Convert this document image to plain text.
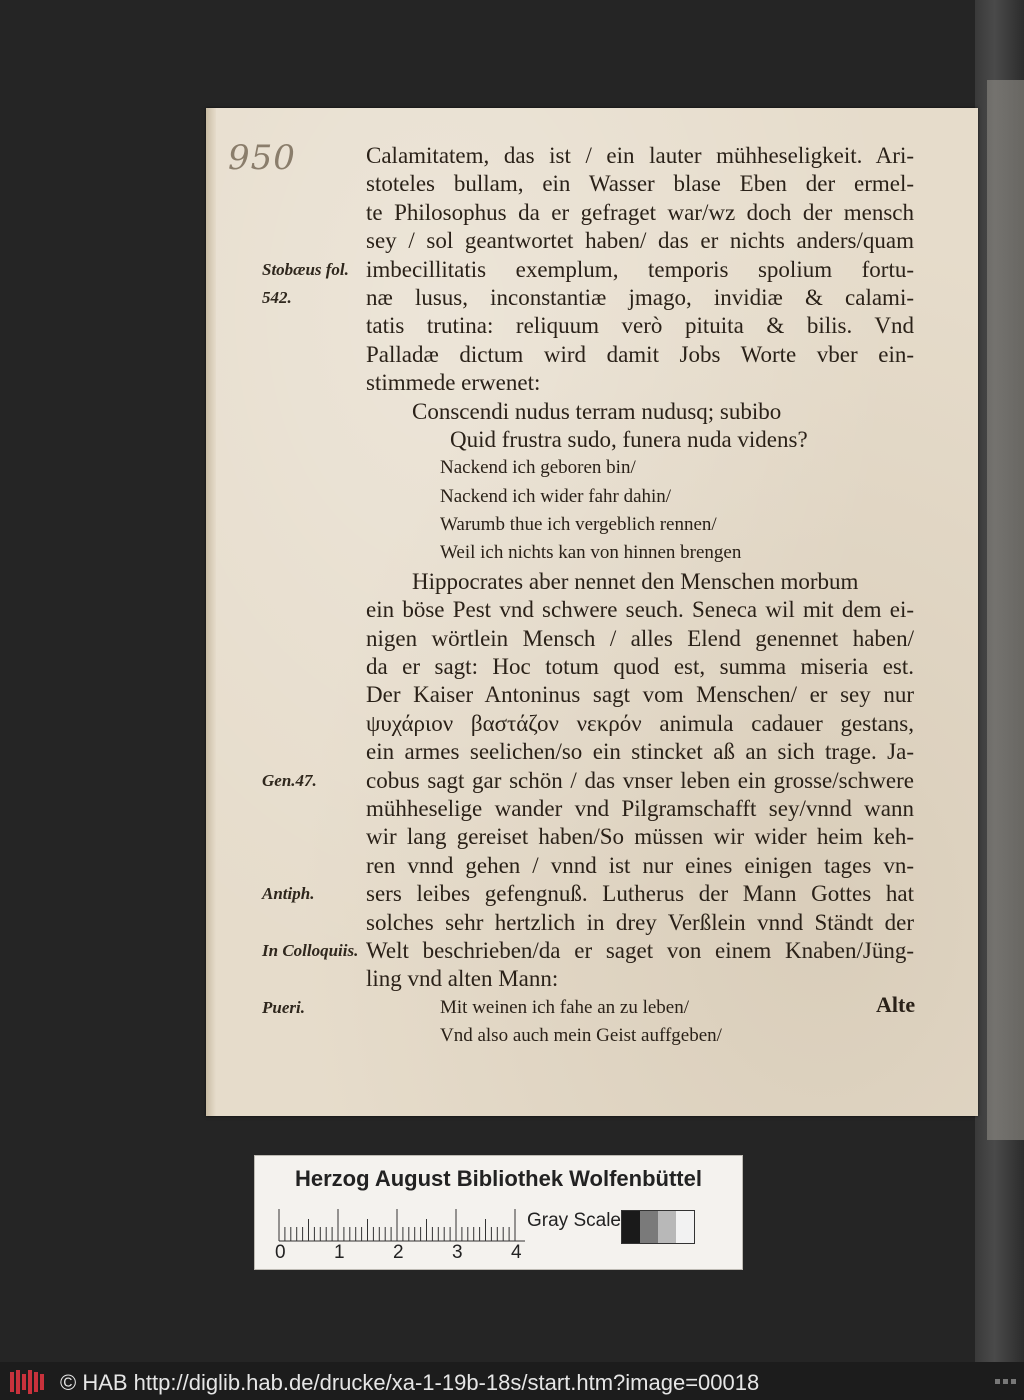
950	Calamitatem, das ist / ein lauter mühheseligkeit. Ari-
stoteles bullam, ein Wasser blase Eben der ermel-
te Philosophus da er gefraget war/wz doch der mensch
sey / sol geantwortet haben/ das er nichts anders/quam
imbecillitatis exemplum, temporis spolium fortu-
næ lusus, inconstantiæ jmago, invidiæ & calami-
tatis trutina: reliquum verò pituita & bilis. Vnd
Palladæ dictum wird damit Jobs Worte vber ein-
stimmede erwenet:
Conscendi nudus terram nudusq; subibo
Quid frustra sudo, funera nuda videns?
Nackend ich geboren bin/
Nackend ich wider fahr dahin/
Warumb thue ich vergeblich rennen/
Weil ich nichts kan von hinnen brengen
Hippocrates aber nennet den Menschen morbum
ein böse Pest vnd schwere seuch. Seneca wil mit dem ei-
nigen wörtlein Mensch / alles Elend genennet haben/
da er sagt: Hoc totum quod est, summa miseria est.
Der Kaiser Antoninus sagt vom Menschen/ er sey nur
ψυχάριον βαστάζον νεκρόν animula cadauer gestans,
ein armes seelichen/so ein stincket aß an sich trage. Ja-
cobus sagt gar schön / das vnser leben ein grosse/schwere
mühheselige wander vnd Pilgramschafft sey/vnnd wann
wir lang gereiset haben/So müssen wir wider heim keh-
ren vnnd gehen / vnnd ist nur eines einigen tages vn-
sers leibes gefengnuß. Lutherus der Mann Gottes hat
solches sehr hertzlich in drey Verßlein vnnd Ständt der
Welt beschrieben/da er saget von einem Knaben/Jüng-
ling vnd alten Mann:
Mit weinen ich fahe an zu leben/
Vnd also auch mein Geist auffgeben/
Stobæus fol.
542.
Gen.47.
Antiph.
In Colloquiis.
Pueri.	Alte
Herzog August Bibliothek Wolfenbüttel
0	1	2	3	4
Gray Scale
© HAB http://diglib.hab.de/drucke/xa-1-19b-18s/start.htm?image=00018
